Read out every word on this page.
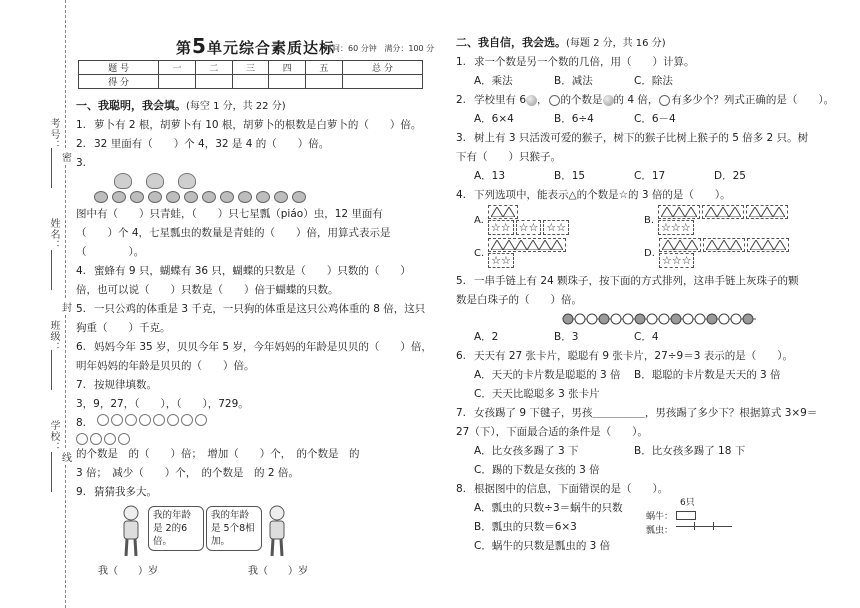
考号：
姓名：
班级：
学校：
密
封
线
第5单元综合素质达标
时间：60 分钟 满分：100 分
题 号	一	二	三	四	五	总 分
得 分						
一、我聪明，我会填。(每空 1 分，共 22 分)
1. 萝卜有 2 根，胡萝卜有 10 根，胡萝卜的根数是白萝卜的（　　）倍。
2. 32 里面有（　　）个 4，32 是 4 的（　　）倍。
3.
图中有（　　）只青蛙，（　　）只七星瓢（piáo）虫，12 里面有
（　　）个 4，七星瓢虫的数量是青蛙的（　　）倍，用算式表示是
（　　　　）。
4. 蜜蜂有 9 只，蝴蝶有 36 只，蝴蝶的只数是（　　）只数的（　　）
倍，也可以说（　　）只数是（　　）倍于蝴蝶的只数。
5. 一只公鸡的体重是 3 千克，一只狗的体重是这只公鸡体重的 8 倍，这只
狗重（　　）千克。
6. 妈妈今年 35 岁，贝贝今年 5 岁，今年妈妈的年龄是贝贝的（　　）倍，
明年妈妈的年龄是贝贝的（　　）倍。
7. 按规律填数。
3，9，27，（　　），（　　），729。
8.
的个数是　的（　　）倍；　增加（　　）个，　的个数是　的
3 倍；　减少（　　）个，　的个数是　的 2 倍。
9. 猜猜我多大。
我的年龄是 2的6倍。
我的年龄是 5个8相加。
我（　　）岁	我（　　）岁
二、我自信，我会选。(每题 2 分，共 16 分)
1. 求一个数是另一个数的几倍，用（　　）计算。
A．乘法	B．减法	C．除法
2. 学校里有 6 ， 的个数是 的 4 倍， 有多少个？列式正确的是（　　）。
A．6×4	B．6÷4	C．6－4
3. 树上有 3 只活泼可爱的猴子，树下的猴子比树上猴子的 5 倍多 2 只。树
下有（　　）只猴子。
A．13	B．15	C．17	D．25
4. 下列选项中，能表示△的个数是☆的 3 倍的是（　　）。
A.

☆☆ ☆☆ ☆☆
B.

☆☆☆
C.

☆☆
D.

☆☆☆
5. 一串手链上有 24 颗珠子，按下面的方式排列，这串手链上灰珠子的颗
数是白珠子的（　　）倍。
A．2	B．3	C．4
6. 天天有 27 张卡片，聪聪有 9 张卡片，27÷9＝3 表示的是（　　）。
A．天天的卡片数是聪聪的 3 倍	B．聪聪的卡片数是天天的 3 倍
C．天天比聪聪多 3 张卡片
7. 女孩踢了 9 下毽子，男孩＿＿＿＿＿，男孩踢了多少下？根据算式 3×9＝
27（下），下面最合适的条件是（　　）。
A．比女孩多踢了 3 下	B．比女孩多踢了 18 下
C．踢的下数是女孩的 3 倍
8. 根据图中的信息，下面错误的是（　　）。
A．瓢虫的只数÷3＝蜗牛的只数
B．瓢虫的只数＝6×3
C．蜗牛的只数是瓢虫的 3 倍
6只
蜗牛：
瓢虫：
